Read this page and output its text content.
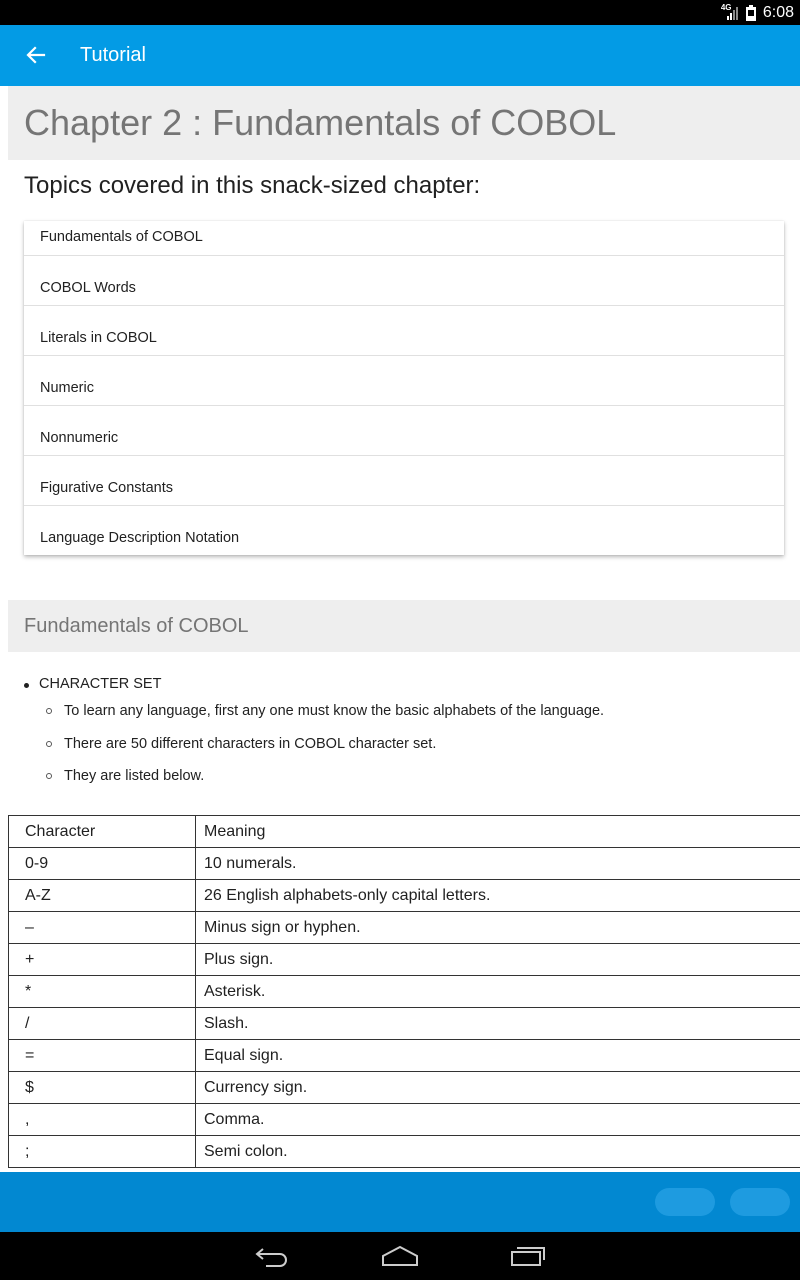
4G 6:08
Tutorial
Chapter 2 : Fundamentals of COBOL
Topics covered in this snack-sized chapter:
Fundamentals of COBOL
COBOL Words
Literals in COBOL
Numeric
Nonnumeric
Figurative Constants
Language Description Notation
Fundamentals of COBOL
CHARACTER SET
To learn any language, first any one must know the basic alphabets of the language.
There are 50 different characters in COBOL character set.
They are listed below.
Character	Meaning
0-9	10 numerals.
A-Z	26 English alphabets-only capital letters.
–	Minus sign or hyphen.
+	Plus sign.
*	Asterisk.
/	Slash.
=	Equal sign.
$	Currency sign.
,	Comma.
;	Semi colon.
